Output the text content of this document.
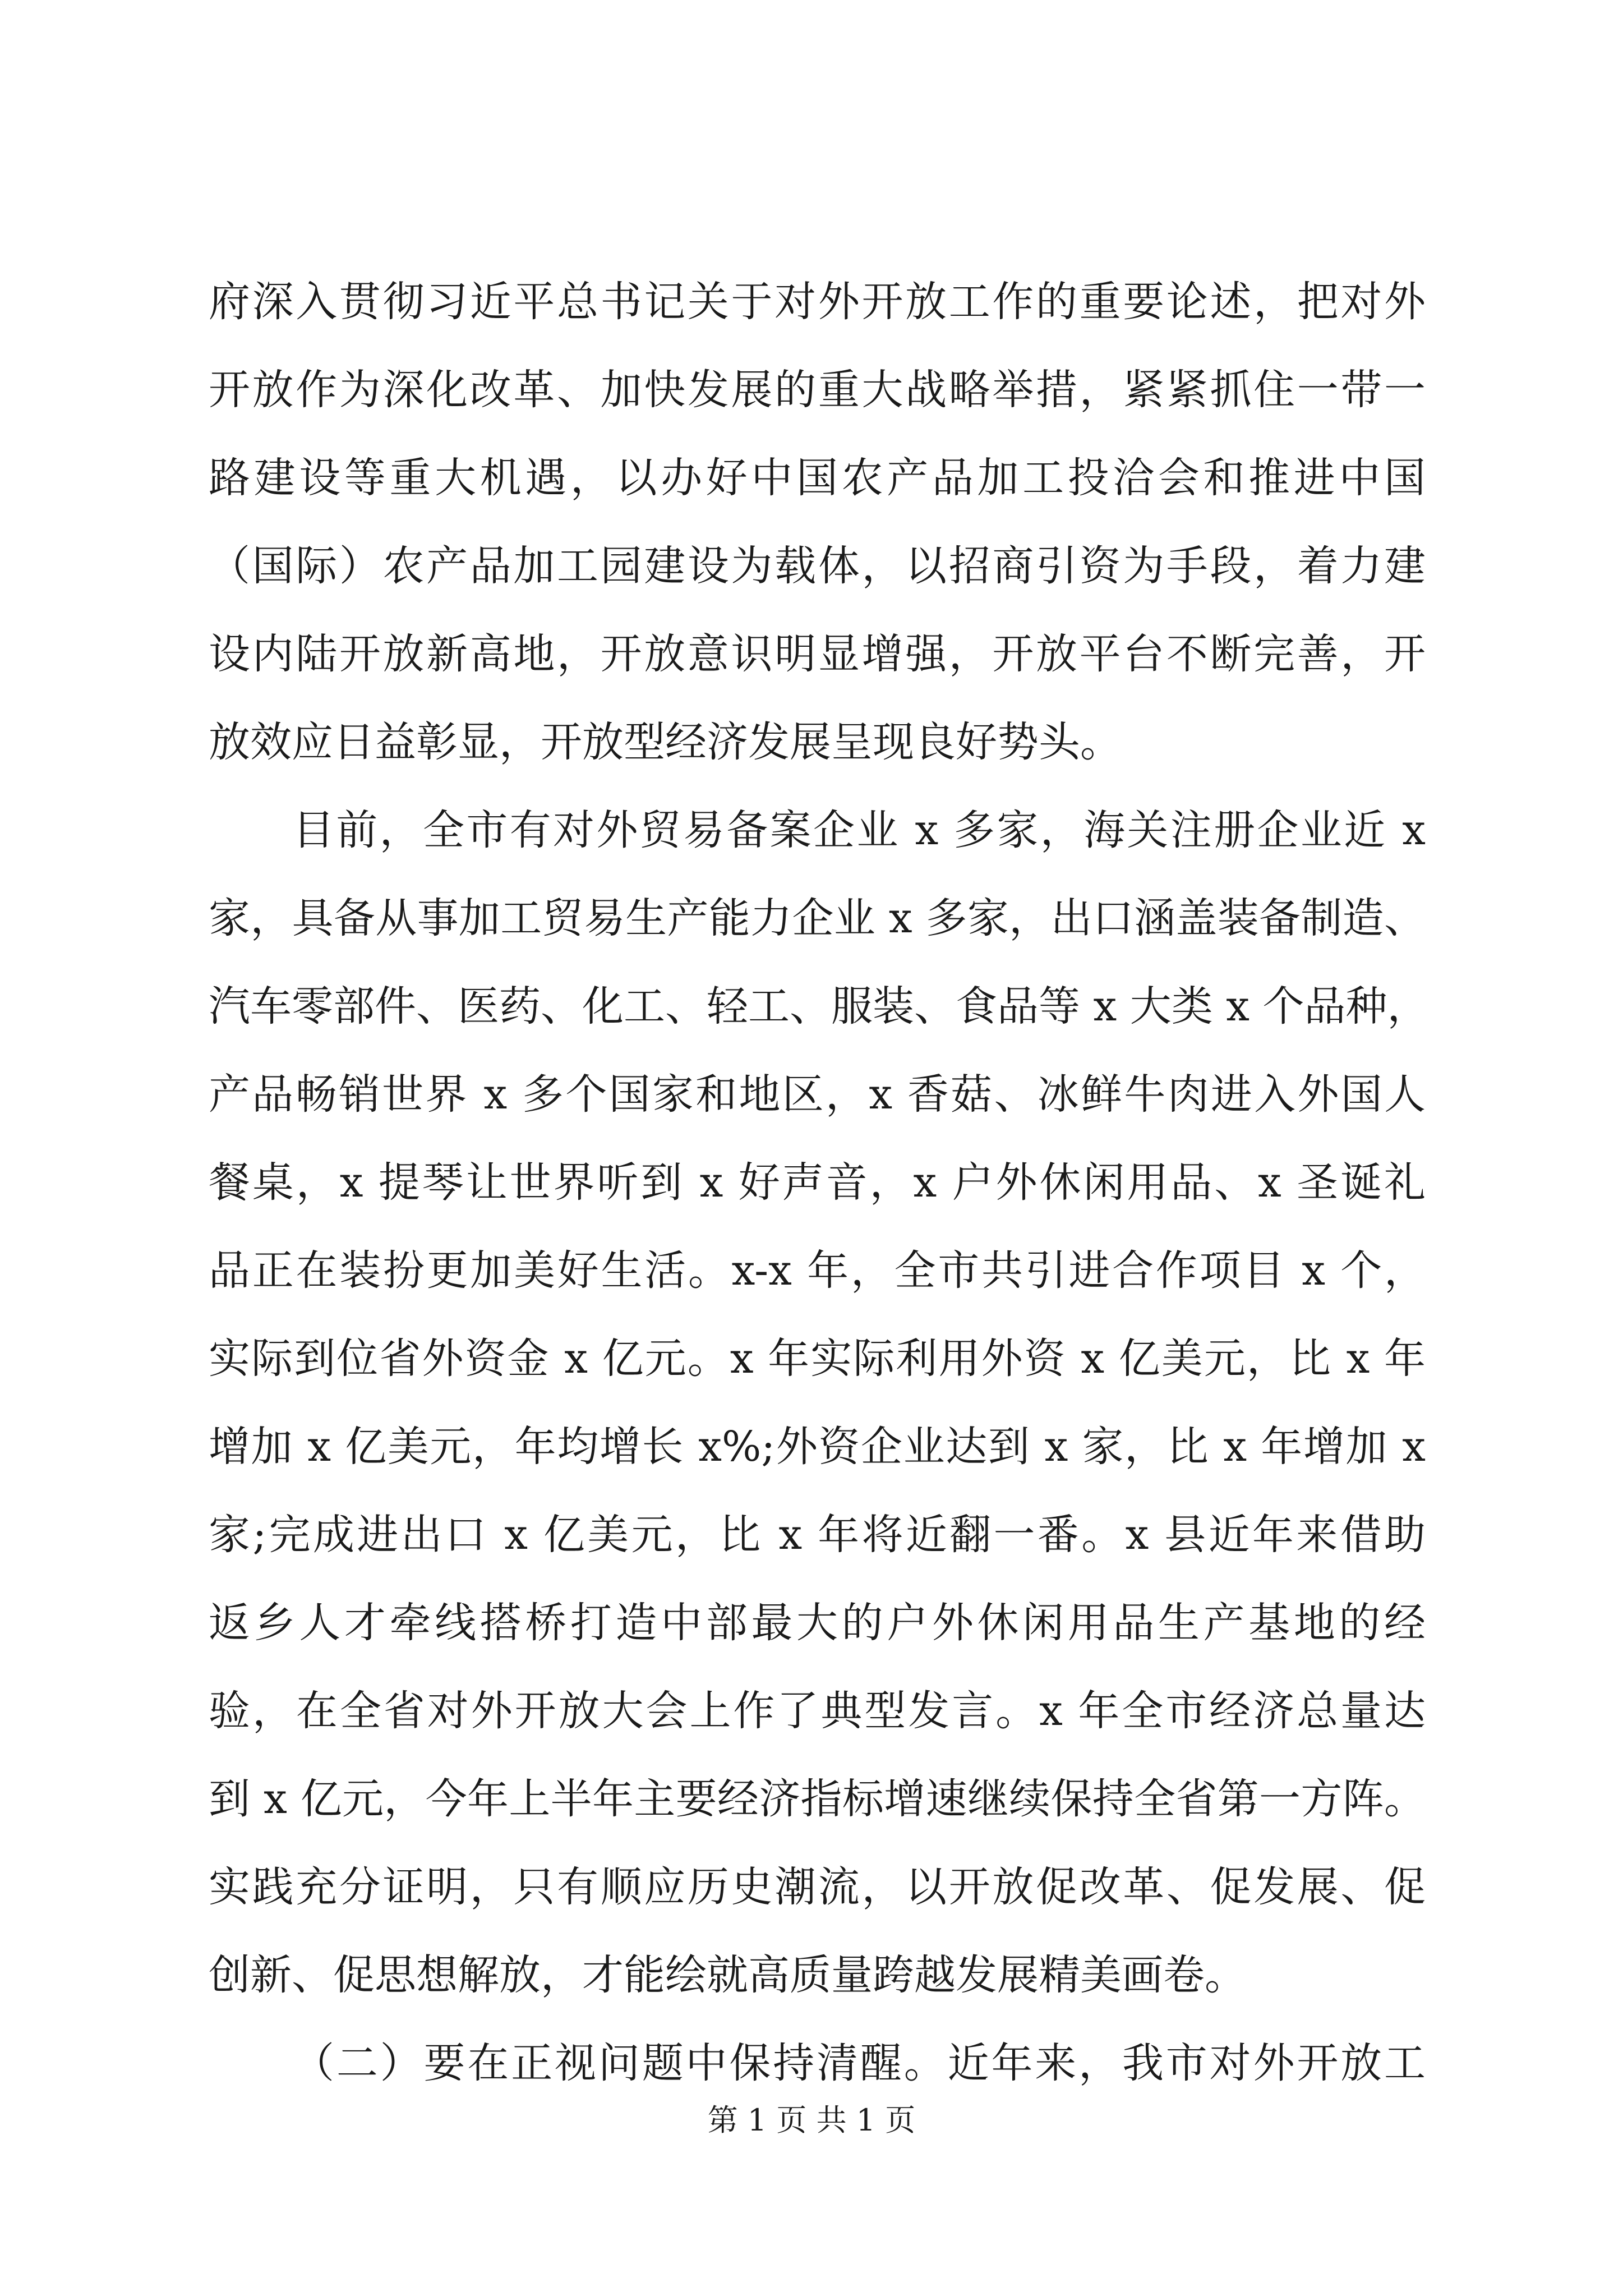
府深入贯彻习近平总书记关于对外开放工作的重要论述，把对外
开放作为深化改革、加快发展的重大战略举措，紧紧抓住一带一
路建设等重大机遇，以办好中国农产品加工投洽会和推进中国
（国际）农产品加工园建设为载体，以招商引资为手段，着力建
设内陆开放新高地，开放意识明显增强，开放平台不断完善，开
放效应日益彰显，开放型经济发展呈现良好势头。
目前，全市有对外贸易备案企业 x 多家，海关注册企业近 x
家，具备从事加工贸易生产能力企业 x 多家，出口涵盖装备制造、
汽车零部件、医药、化工、轻工、服装、食品等 x 大类 x 个品种，
产品畅销世界 x 多个国家和地区，x 香菇、冰鲜牛肉进入外国人
餐桌，x 提琴让世界听到 x 好声音，x 户外休闲用品、x 圣诞礼
品正在装扮更加美好生活。x-x 年，全市共引进合作项目 x 个，
实际到位省外资金 x 亿元。x 年实际利用外资 x 亿美元，比 x 年
增加 x 亿美元，年均增长 x%;外资企业达到 x 家，比 x 年增加 x
家;完成进出口 x 亿美元，比 x 年将近翻一番。x 县近年来借助
返乡人才牵线搭桥打造中部最大的户外休闲用品生产基地的经
验，在全省对外开放大会上作了典型发言。x 年全市经济总量达
到 x 亿元，今年上半年主要经济指标增速继续保持全省第一方阵。
实践充分证明，只有顺应历史潮流，以开放促改革、促发展、促
创新、促思想解放，才能绘就高质量跨越发展精美画卷。
（二）要在正视问题中保持清醒。近年来，我市对外开放工
第 1 页 共 1 页
